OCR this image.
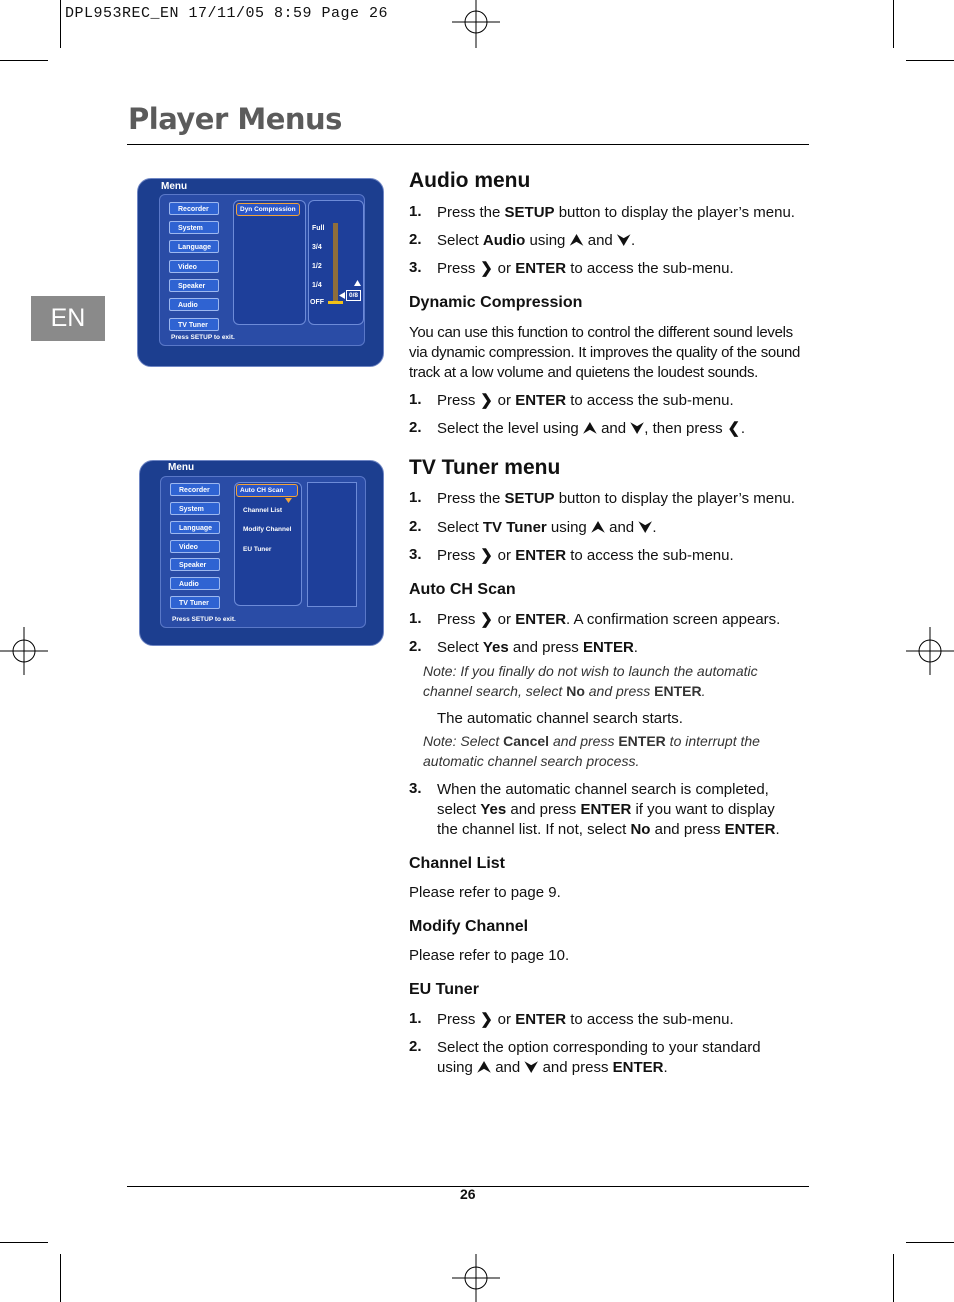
DPL953REC_EN 17/11/05 8:59 Page 26
Player Menus
EN
Menu
Recorder
System
Language
Video
Speaker
Audio
TV Tuner
Dyn Compression
Full
3/4
1/2
1/4
OFF
0/8
Press SETUP to exit.
Menu
Recorder
System
Language
Video
Speaker
Audio
TV Tuner
Auto CH Scan
Channel List
Modify Channel
EU Tuner
Press SETUP to exit.
Audio menu
1. Press the SETUP button to display the player’s menu.
2. Select Audio using ⮝ and ⮟.
3. Press ❯ or ENTER to access the sub-menu.
Dynamic Compression
You can use this function to control the different sound levels via dynamic compression. It improves the quality of the sound track at a low volume and quietens the loudest sounds.
1. Press ❯ or ENTER to access the sub-menu.
2. Select the level using ⮝ and ⮟, then press ❮.
TV Tuner menu
1. Press the SETUP button to display the player’s menu.
2. Select TV Tuner using ⮝ and ⮟.
3. Press ❯ or ENTER to access the sub-menu.
Auto CH Scan
1. Press ❯ or ENTER. A confirmation screen appears.
2. Select Yes and press ENTER.
Note: If you finally do not wish to launch the automatic
channel search, select No and press ENTER.
The automatic channel search starts.
Note: Select Cancel and press ENTER to interrupt the
automatic channel search process.
3. When the automatic channel search is completed,
select Yes and press ENTER if you want to display
the channel list. If not, select No and press ENTER.
Channel List
Please refer to page 9.
Modify Channel
Please refer to page 10.
EU Tuner
1. Press ❯ or ENTER to access the sub-menu.
2. Select the option corresponding to your standard
using ⮝ and ⮟ and press ENTER.
26
